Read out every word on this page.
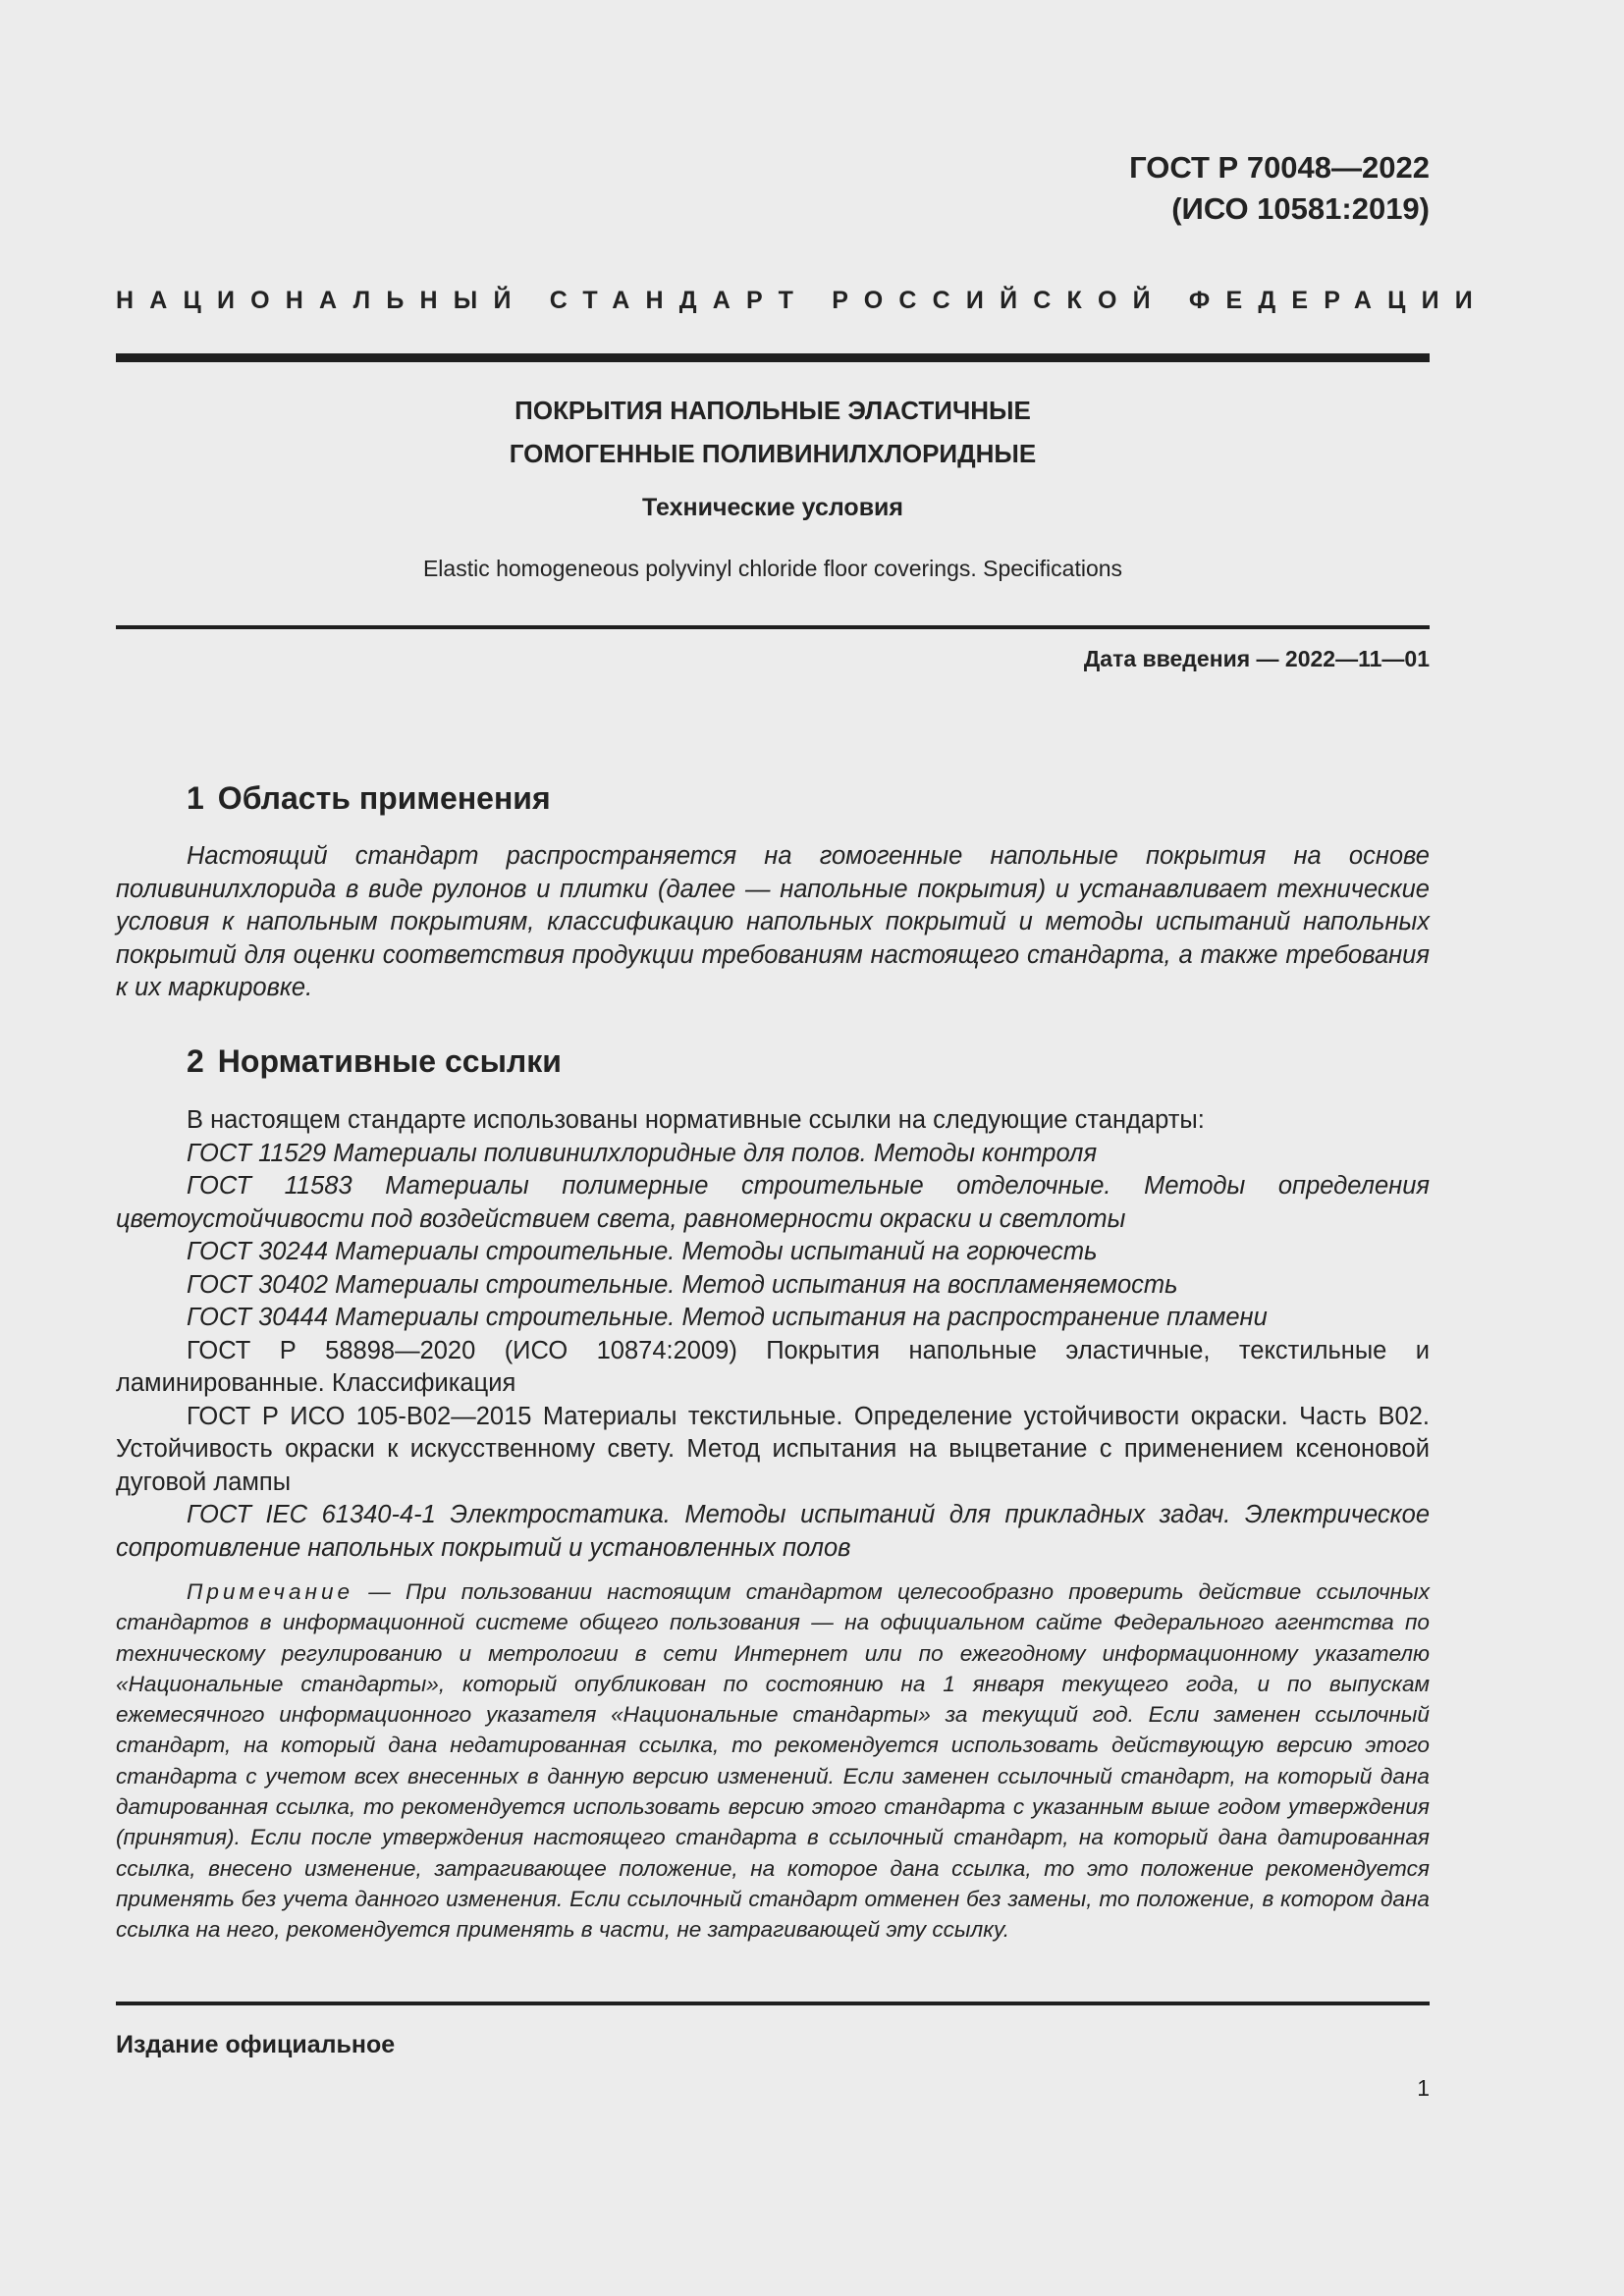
ГОСТ Р 70048—2022
(ИСО 10581:2019)
НАЦИОНАЛЬНЫЙ СТАНДАРТ РОССИЙСКОЙ ФЕДЕРАЦИИ
ПОКРЫТИЯ НАПОЛЬНЫЕ ЭЛАСТИЧНЫЕ
ГОМОГЕННЫЕ ПОЛИВИНИЛХЛОРИДНЫЕ
Технические условия
Elastic homogeneous polyvinyl chloride floor coverings. Specifications
Дата введения — 2022—11—01
1 Область применения

Настоящий стандарт распространяется на гомогенные напольные покрытия на основе поливинилхлорида в виде рулонов и плитки (далее — напольные покрытия) и устанавливает технические условия к напольным покрытиям, классификацию напольных покрытий и методы испытаний напольных покрытий для оценки соответствия продукции требованиям настоящего стандарта, а также требования к их маркировке.

2 Нормативные ссылки

В настоящем стандарте использованы нормативные ссылки на следующие стандарты:

ГОСТ 11529 Материалы поливинилхлоридные для полов. Методы контроля

ГОСТ 11583 Материалы полимерные строительные отделочные. Методы определения цветоустойчивости под воздействием света, равномерности окраски и светлоты

ГОСТ 30244 Материалы строительные. Методы испытаний на горючесть

ГОСТ 30402 Материалы строительные. Метод испытания на воспламеняемость

ГОСТ 30444 Материалы строительные. Метод испытания на распространение пламени

ГОСТ Р 58898—2020 (ИСО 10874:2009) Покрытия напольные эластичные, текстильные и ламинированные. Классификация

ГОСТ Р ИСО 105-B02—2015 Материалы текстильные. Определение устойчивости окраски. Часть B02. Устойчивость окраски к искусственному свету. Метод испытания на выцветание с применением ксеноновой дуговой лампы

ГОСТ IEC 61340-4-1 Электростатика. Методы испытаний для прикладных задач. Электрическое сопротивление напольных покрытий и установленных полов

Примечание — При пользовании настоящим стандартом целесообразно проверить действие ссылочных стандартов в информационной системе общего пользования — на официальном сайте Федерального агентства по техническому регулированию и метрологии в сети Интернет или по ежегодному информационному указателю «Национальные стандарты», который опубликован по состоянию на 1 января текущего года, и по выпускам ежемесячного информационного указателя «Национальные стандарты» за текущий год. Если заменен ссылочный стандарт, на который дана недатированная ссылка, то рекомендуется использовать действующую версию этого стандарта с учетом всех внесенных в данную версию изменений. Если заменен ссылочный стандарт, на который дана датированная ссылка, то рекомендуется использовать версию этого стандарта с указанным выше годом утверждения (принятия). Если после утверждения настоящего стандарта в ссылочный стандарт, на который дана датированная ссылка, внесено изменение, затрагивающее положение, на которое дана ссылка, то это положение рекомендуется применять без учета данного изменения. Если ссылочный стандарт отменен без замены, то положение, в котором дана ссылка на него, рекомендуется применять в части, не затрагивающей эту ссылку.

Издание официальное
1
